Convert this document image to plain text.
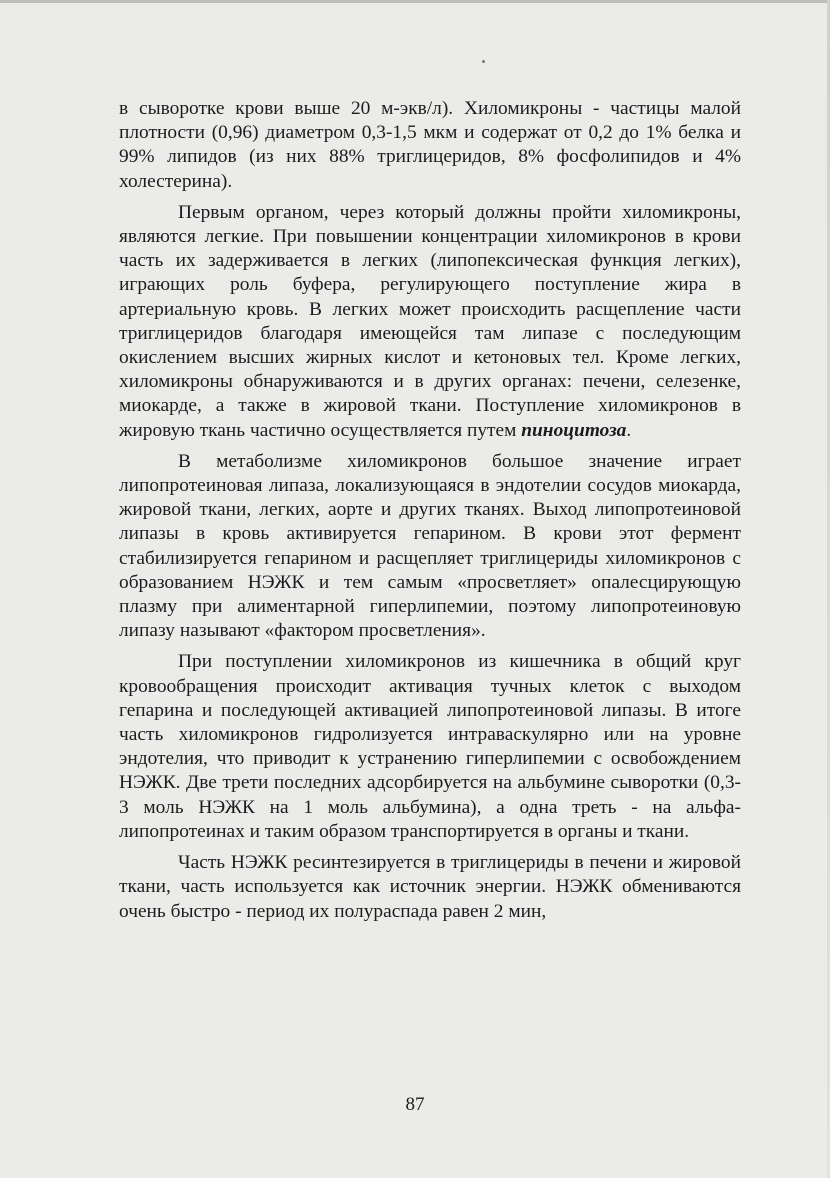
в сыворотке крови выше 20 м-экв/л). Хиломикроны - частицы малой плотности (0,96) диаметром 0,3-1,5 мкм и содержат от 0,2 до 1% белка и 99% липидов (из них 88% триглицеридов, 8% фосфолипидов и 4% холестерина).

Первым органом, через который должны пройти хиломикроны, являются легкие. При повышении концентрации хиломикронов в крови часть их задерживается в легких (липопексическая функция легких), играющих роль буфера, регулирующего поступление жира в артериальную кровь. В легких может происходить расщепление части триглицеридов благодаря имеющейся там липазе с последующим окислением высших жирных кислот и кетоновых тел. Кроме легких, хиломикроны обнаруживаются и в других органах: печени, селезенке, миокарде, а также в жировой ткани. Поступление хиломикронов в жировую ткань частично осуществляется путем пиноцитоза.

В метаболизме хиломикронов большое значение играет липопротеиновая липаза, локализующаяся в эндотелии сосудов миокарда, жировой ткани, легких, аорте и других тканях. Выход липопротеиновой липазы в кровь активируется гепарином. В крови этот фермент стабилизируется гепарином и расщепляет триглицериды хиломикронов с образованием НЭЖК и тем самым «просветляет» опалесцирующую плазму при алиментарной гиперлипемии, поэтому липопротеиновую липазу называют «фактором просветления».

При поступлении хиломикронов из кишечника в общий круг кровообращения происходит активация тучных клеток с выходом гепарина и последующей активацией липопротеиновой липазы. В итоге часть хиломикронов гидролизуется интраваскулярно или на уровне эндотелия, что приводит к устранению гиперлипемии с освобождением НЭЖК. Две трети последних адсорбируется на альбумине сыворотки (0,3-3 моль НЭЖК на 1 моль альбумина), а одна треть - на альфа-липопротеинах и таким образом транспортируется в органы и ткани.

Часть НЭЖК ресинтезируется в триглицериды в печени и жировой ткани, часть используется как источник энергии. НЭЖК обмениваются очень быстро - период их полураспада равен 2 мин,

87
